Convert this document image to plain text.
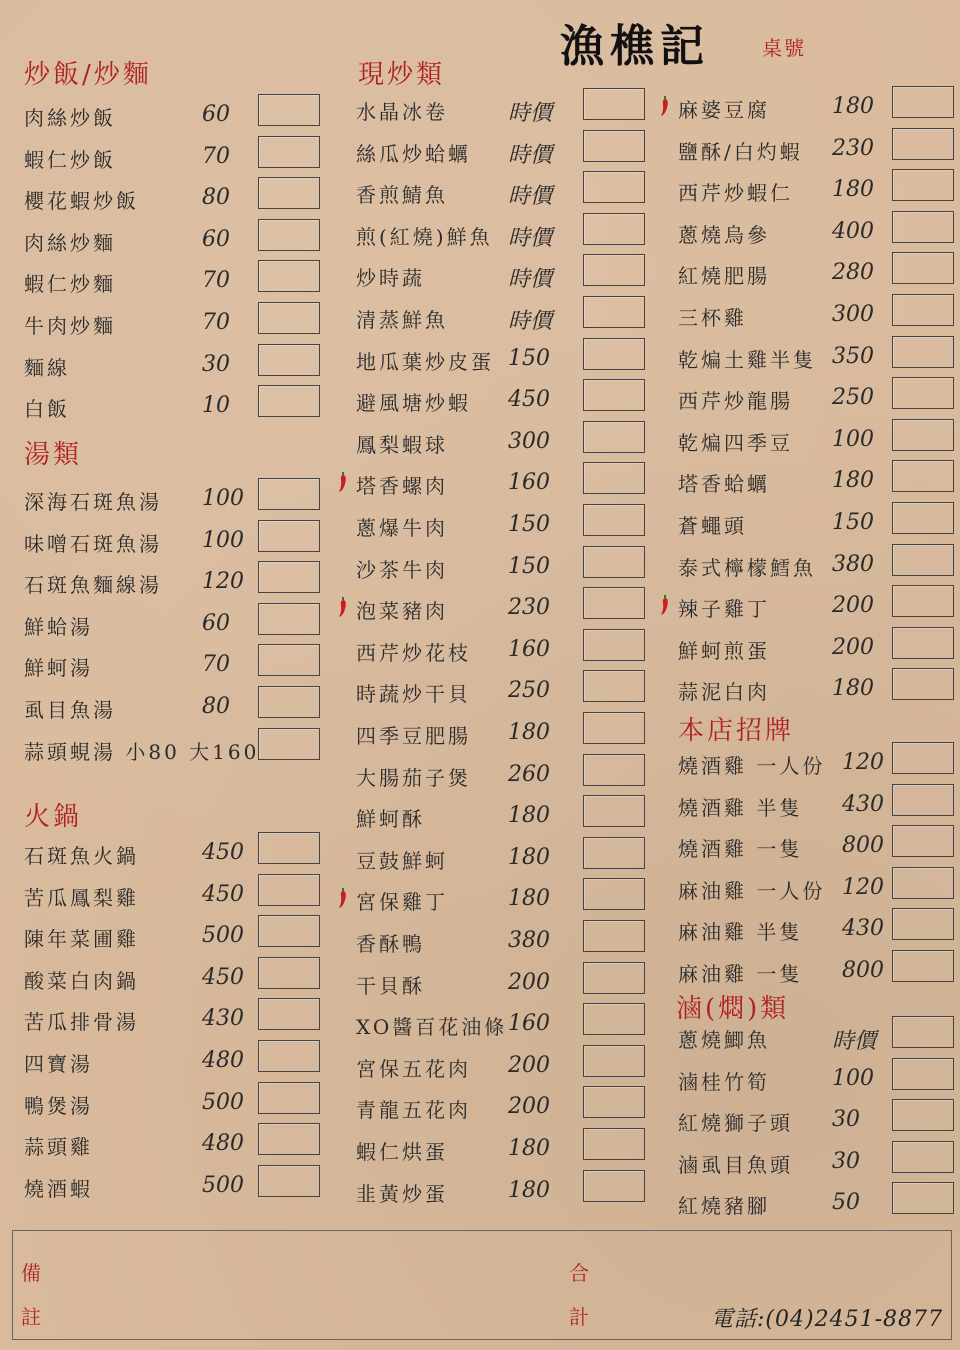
漁樵記	桌號
炒飯/炒麵
肉絲炒飯	60
蝦仁炒飯	70
櫻花蝦炒飯	80
肉絲炒麵	60
蝦仁炒麵	70
牛肉炒麵	70
麵線	30
白飯	10
湯類
深海石斑魚湯 100
味噌石斑魚湯 100
石斑魚麵線湯 120
鮮蛤湯	60
鮮蚵湯	70
虱目魚湯	80
蒜頭蜆湯 小80 大160
火鍋
石斑魚火鍋	450
苦瓜鳳梨雞	450
陳年菜圃雞	500
酸菜白肉鍋	450
苦瓜排骨湯	430
四寶湯	480
鴨煲湯	500
蒜頭雞	480
燒酒蝦	500
現炒類
水晶冰卷	時價
絲瓜炒蛤蠣 時價
香煎鯖魚	時價
煎(紅燒)鮮魚 時價
炒時蔬	時價
清蒸鮮魚	時價
地瓜葉炒皮蛋 150
避風塘炒蝦 450
鳳梨蝦球	300
塔香螺肉	160
蔥爆牛肉	150
沙茶牛肉	150
泡菜豬肉	230
西芹炒花枝 160
時蔬炒干貝 250
四季豆肥腸 180
大腸茄子煲 260
鮮蚵酥	180
豆鼓鮮蚵	180
宮保雞丁	180
香酥鴨	380
干貝酥	200
XO醬百花油條 160
宮保五花肉 200
青龍五花肉 200
蝦仁烘蛋	180
韭黃炒蛋	180
麻婆豆腐	180
鹽酥/白灼蝦 230
西芹炒蝦仁 180
蔥燒烏參	400
紅燒肥腸	280
三杯雞	300
乾煸土雞半隻 350
西芹炒龍腸 250
乾煸四季豆 100
塔香蛤蠣	180
蒼蠅頭	150
泰式檸檬鱈魚 380
辣子雞丁	200
鮮蚵煎蛋	200
蒜泥白肉	180
本店招牌
燒酒雞 一人份 120
燒酒雞 半隻 430
燒酒雞 一隻 800
麻油雞 一人份 120
麻油雞 半隻 430
麻油雞 一隻 800
滷(燜)類
蔥燒鯽魚	時價
滷桂竹筍	100
紅燒獅子頭 30
滷虱目魚頭 30
紅燒豬腳	50
備
註
合
計	電話:(04)2451-8877
